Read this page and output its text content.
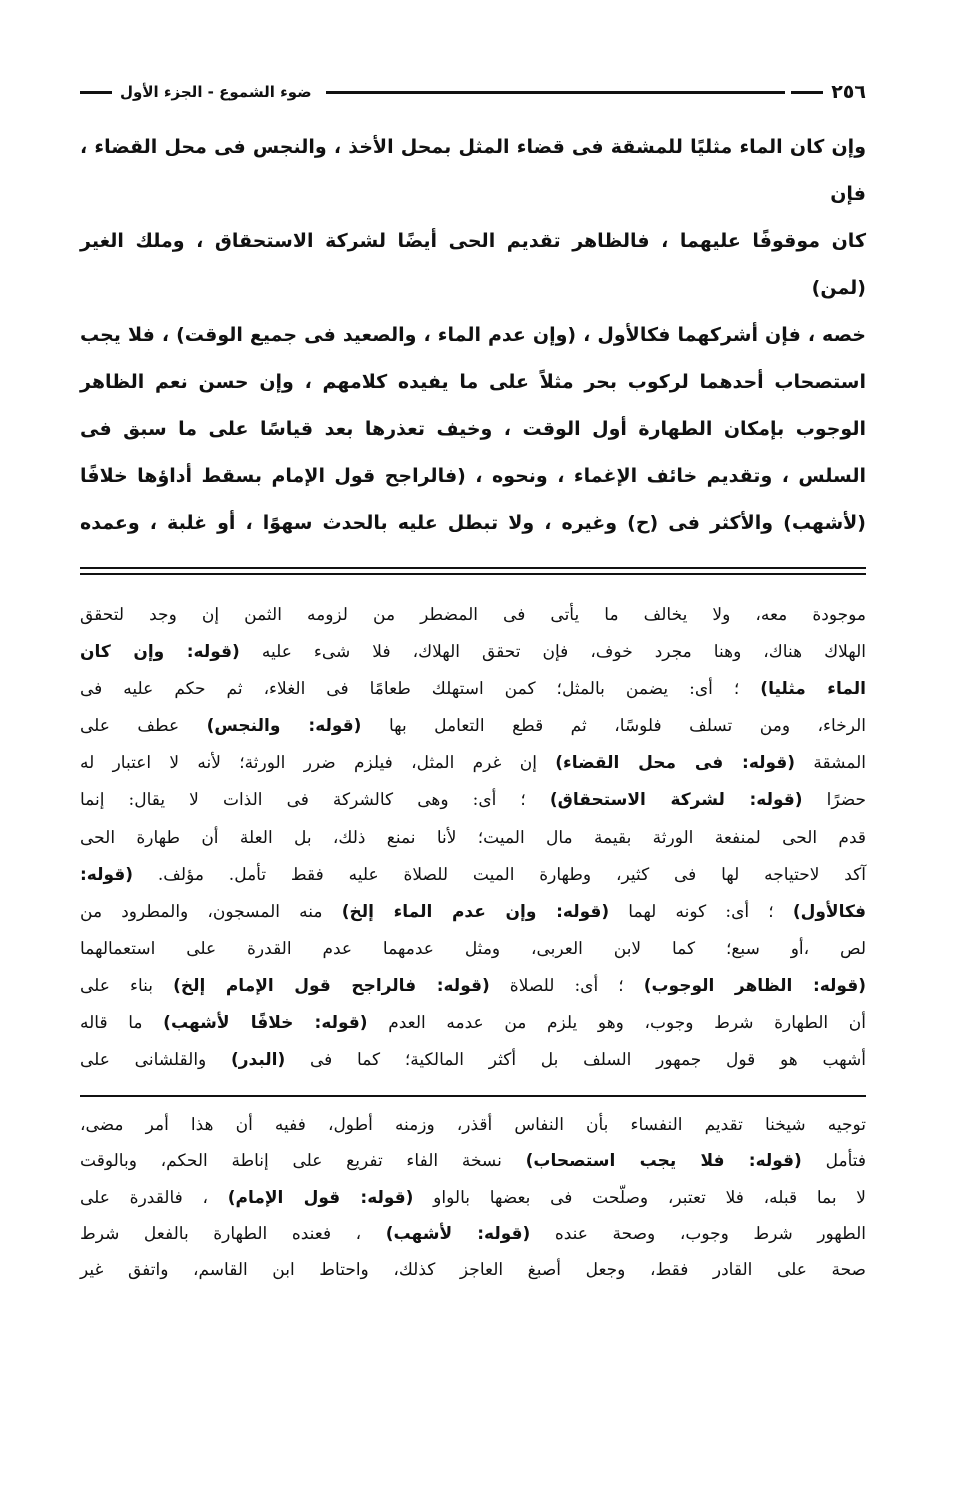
٢٥٦
ضوء الشموع - الجزء الأول

وإن كان الماء مثليًا للمشقة فى قضاء المثل بمحل الأخذ ، والنجس فى محل القضاء ، فإن

كان موقوفًا عليهما ، فالظاهر تقديم الحى أيضًا لشركة الاستحقاق ، وملك الغير (لمن)

خصه ، فإن أشركهما فكالأول ، (وإن عدم الماء ، والصعيد فى جميع الوقت) ، فلا يجب

استصحاب أحدهما لركوب بحر مثلاً على ما يفيده كلامهم ، وإن حسن نعم الظاهر

الوجوب بإمكان الطهارة أول الوقت ، وخيف تعذرها بعد قياسًا على ما سبق فى

السلس ، وتقديم خائف الإغماء ، ونحوه ، (فالراجح قول الإمام بسقط أداؤها خلافًا

(لأشهب) والأكثر فى (ح) وغيره ، ولا تبطل عليه بالحدث سهوًا ، أو غلبة ، وعمده

موجودة معه، ولا يخالف ما يأتى فى المضطر من لزومه الثمن إن وجد لتحقق

الهلاك هناك، وهنا مجرد خوف، فإن تحقق الهلاك، فلا شىء عليه (قوله: وإن كان

الماء مثليا) ؛ أى: يضمن بالمثل؛ كمن استهلك طعامًا فى الغلاء، ثم حكم عليه فى

الرخاء، ومن تسلف فلوسًا، ثم قطع التعامل بها (قوله: والنجس) عطف على

المشقة (قوله: فى محل القضاء) إن غرم المثل، فيلزم ضرر الورثة؛ لأنه لا اعتبار له

حضرًا (قوله: لشركة الاستحقاق) ؛ أى: وهى كالشركة فى الذات لا يقال: إنما

قدم الحى لمنفعة الورثة بقيمة مال الميت؛ لأنا نمنع ذلك، بل العلة أن طهارة الحى

آكد لاحتياجه لها فى كثير، وطهارة الميت للصلاة عليه فقط تأمل. مؤلف. (قوله:

فكالأول) ؛ أى: كونه لهما (قوله: وإن عدم الماء إلخ) منه المسجون، والمطرود من

لص ،أو سبع؛ كما لابن العربى، ومثل عدمهما عدم القدرة على استعمالهما

(قوله: الظاهر الوجوب) ؛ أى: للصلاة (قوله: فالراجح قول الإمام إلخ) بناء على

أن الطهارة شرط وجوب، وهو يلزم من عدمه العدم (قوله: خلافًا لأشهب) ما قاله

أشهب هو قول جمهور السلف بل أكثر المالكية؛ كما فى (البدر) والقلشانى على

توجيه شيخنا تقديم النفساء بأن النفاس أقذر، وزمنه أطول، ففيه أن هذا أمر مضى،

فتأمل (قوله: فلا يجب استصحاب) نسخة الفاء تفريع على إناطة الحكم، وبالوقت

لا بما قبله، فلا تعتبر، وصلّحت فى بعضها بالواو (قوله: قول الإمام) ، فالقدرة على

الطهور شرط وجوب، وصحة عنده (قوله: لأشهب) ، فعنده الطهارة بالفعل شرط

صحة على القادر فقط، وجعل أصبغ العاجز كذلك، واحتاط ابن القاسم، واتفق غير
